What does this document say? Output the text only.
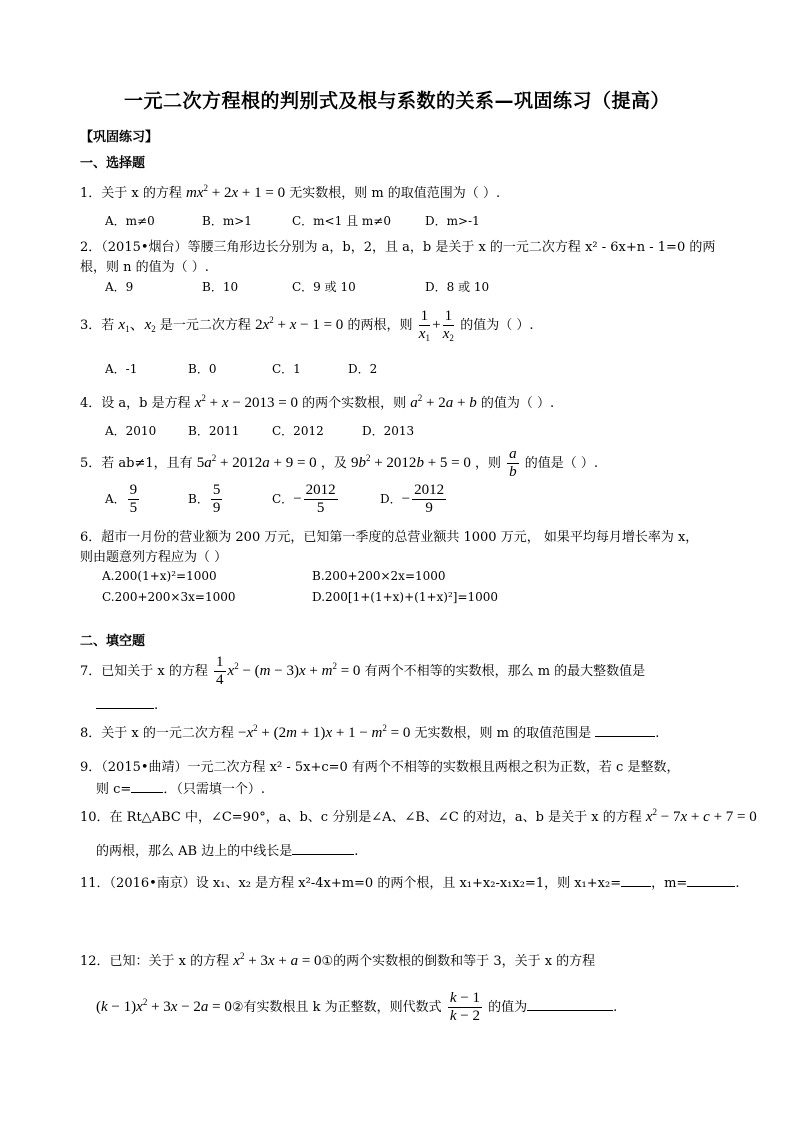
一元二次方程根的判别式及根与系数的关系—巩固练习（提高）
【巩固练习】
一、选择题
1．关于 x 的方程 $mx^2 + 2x + 1 = 0$ 无实数根，则 m 的取值范围为（ ）.
A．m≠0	B．m>1	C．m<1 且 m≠0	D．m>-1
2．（2015•烟台）等腰三角形边长分别为 a，b，2，且 a，b 是关于 x 的一元二次方程 x² - 6x+n - 1=0 的两
根，则 n 的值为（ ）.
A．9	B．10	C．9 或 10	D．8 或 10
3．若 $x_1$、$x_2$ 是一元二次方程 $2x^2 + x - 1 = 0$ 的两根，则 $\frac{1}{x_1} + \frac{1}{x_2}$ 的值为（ ）.
A．-1	B．0	C．1	D．2
4．设 a，b 是方程 $x^2 + x - 2013 = 0$ 的两个实数根，则 $a^2 + 2a + b$ 的值为（ ）.
A．2010	B．2011	C．2012	D．2013
5．若 ab≠1，且有 $5a^2 + 2012a + 9 = 0$ ，及 $9b^2 + 2012b + 5 = 0$ ，则 $\frac{a}{b}$ 的值是（ ）.
A． $\frac{9}{5}$	B． $\frac{5}{9}$	C．− $\frac{2012}{5}$	D．− $\frac{2012}{9}$
6．超市一月份的营业额为 200 万元，已知第一季度的总营业额共 1000 万元， 如果平均每月增长率为 x，
则由题意列方程应为（ ）
A.200(1+x)²=1000	B.200+200×2x=1000
C.200+200×3x=1000	D.200[1+(1+x)+(1+x)²]=1000
二、填空题
7．已知关于 x 的方程 $\frac{1}{4} x^2 - (m - 3)x + m^2 = 0$ 有两个不相等的实数根，那么 m 的最大整数值是
.
8．关于 x 的一元二次方程 $-x^2 + (2m + 1)x + 1 - m^2 = 0$ 无实数根，则 m 的取值范围是	.
9．（2015•曲靖）一元二次方程 x² - 5x+c=0 有两个不相等的实数根且两根之积为正数，若 c 是整数，
则 c= ．（只需填一个）.
10．在 Rt△ABC 中，∠C=90°，a、b、c 分别是∠A、∠B、∠C 的对边，a、b 是关于 x 的方程 $x^2 - 7x + c + 7 = 0$
的两根，那么 AB 边上的中线长是	.
11．（2016•南京）设 x₁、x₂ 是方程 x²-4x+m=0 的两个根，且 x₁+x₂-x₁x₂=1，则 x₁+x₂= ，m=	.
12．已知：关于 x 的方程 $x^2 + 3x + a$ = 0①的两个实数根的倒数和等于 3，关于 x 的方程
$(k - 1)x^2 + 3x - 2a$ = 0②有实数根且 k 为正整数，则代数式 $\frac{k - 1}{k - 2}$ 的值为	.
